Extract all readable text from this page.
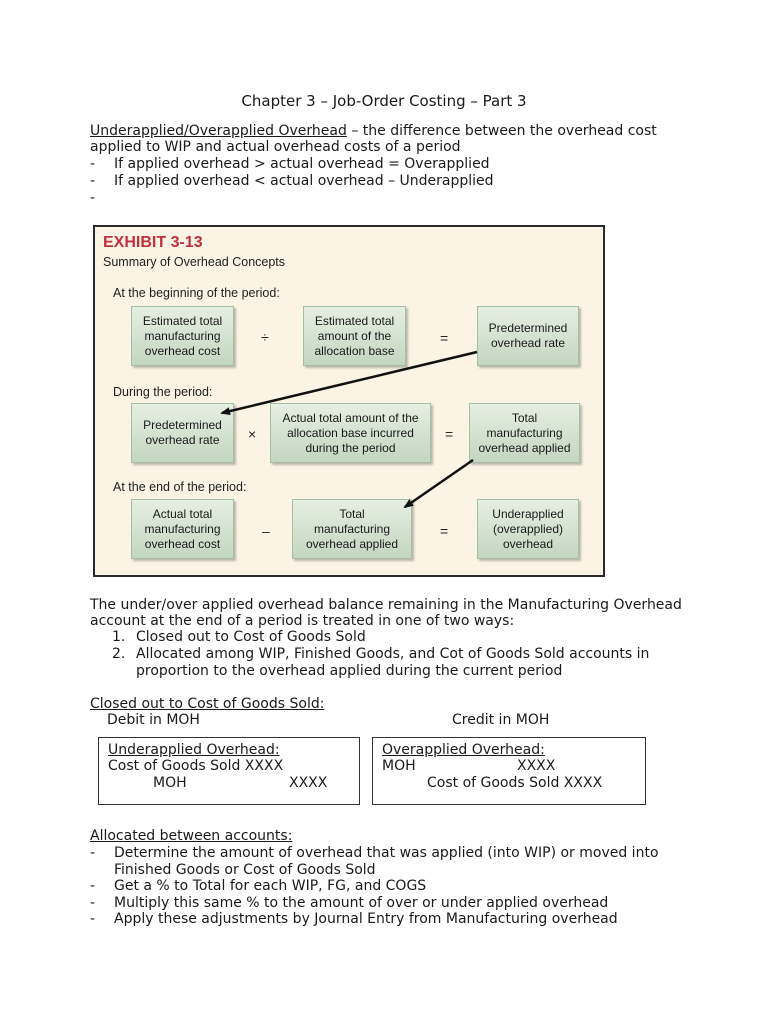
Chapter 3 – Job-Order Costing – Part 3
Underapplied/Overapplied Overhead – the difference between the overhead cost
applied to WIP and actual overhead costs of a period
- If applied overhead > actual overhead = Overapplied
- If applied overhead < actual overhead – Underapplied
-
EXHIBIT 3-13
Summary of Overhead Concepts
At the beginning of the period:
Estimated total
manufacturing
overhead cost
÷
Estimated total
amount of the
allocation base
=
Predetermined
overhead rate
During the period:
Predetermined
overhead rate	×
Actual total amount of the
allocation base incurred
during the period
=
Total
manufacturing
overhead applied
At the end of the period:
Actual total
manufacturing
overhead cost
–
Total
manufacturing
overhead applied
=
Underapplied
(overapplied)
overhead
The under/over applied overhead balance remaining in the Manufacturing Overhead
account at the end of a period is treated in one of two ways:
1. Closed out to Cost of Goods Sold
2. Allocated among WIP, Finished Goods, and Cot of Goods Sold accounts in
proportion to the overhead applied during the current period
Closed out to Cost of Goods Sold:
Debit in MOH	Credit in MOH
Underapplied Overhead:
Cost of Goods Sold XXXX
MOH	XXXX
Overapplied Overhead:
MOH	XXXX
Cost of Goods Sold XXXX
Allocated between accounts:
- Determine the amount of overhead that was applied (into WIP) or moved into
Finished Goods or Cost of Goods Sold
- Get a % to Total for each WIP, FG, and COGS
- Multiply this same % to the amount of over or under applied overhead
- Apply these adjustments by Journal Entry from Manufacturing overhead
